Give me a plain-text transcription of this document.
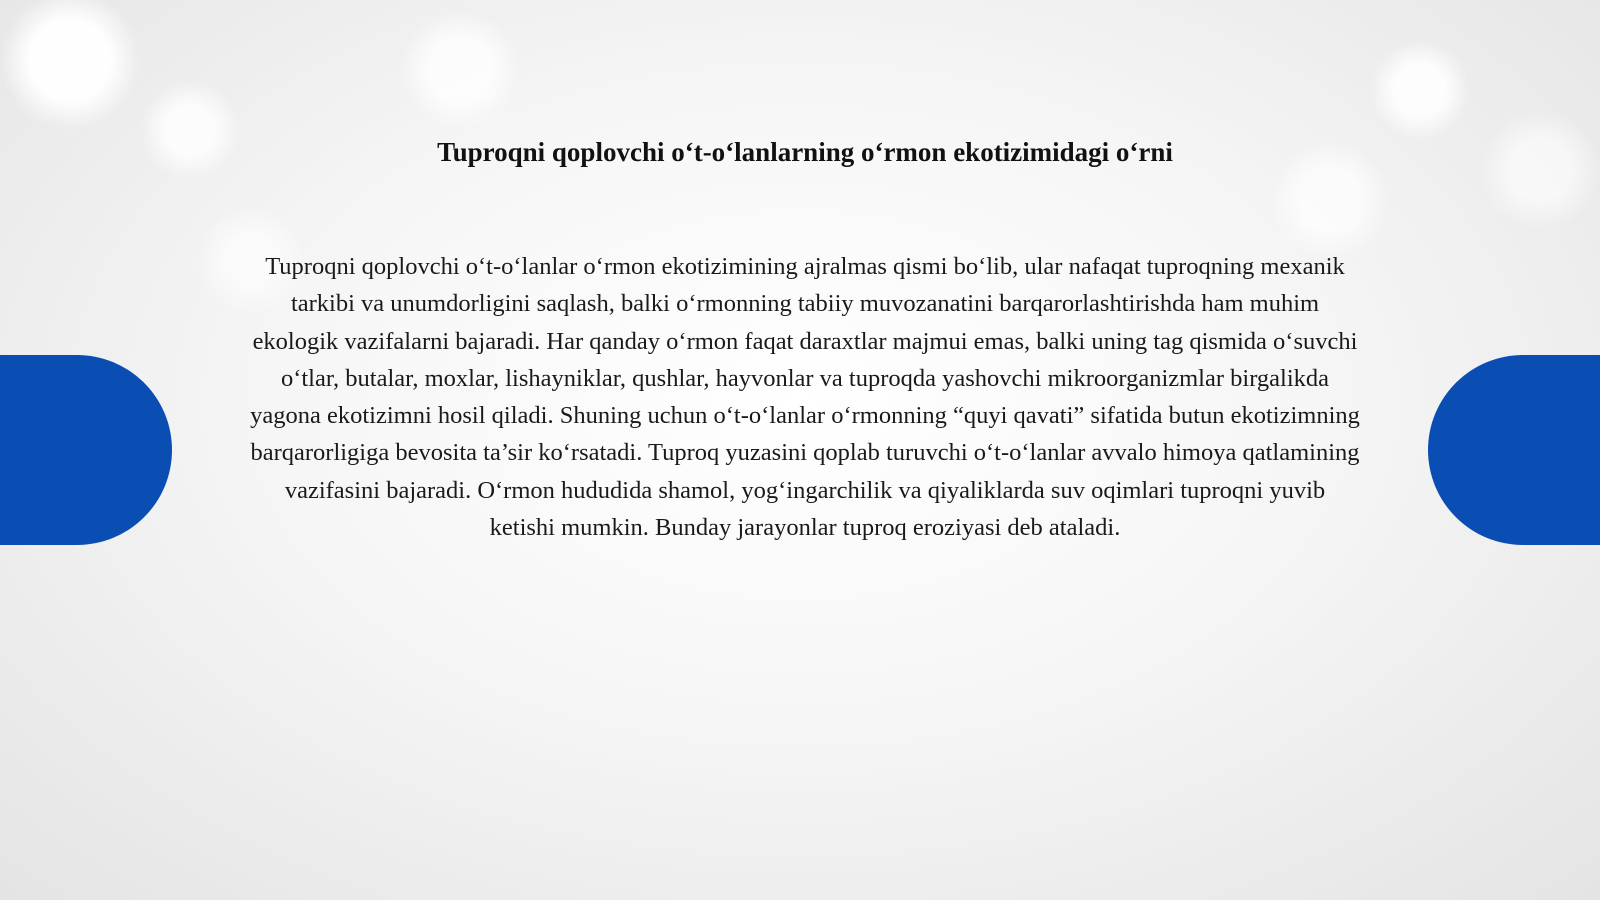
Tuproqni qoplovchi o‘t-o‘lanlarning o‘rmon ekotizimidagi o‘rni

Tuproqni qoplovchi o‘t-o‘lanlar o‘rmon ekotizimining ajralmas qismi bo‘lib, ular nafaqat tuproqning mexanik tarkibi va unumdorligini saqlash, balki o‘rmonning tabiiy muvozanatini barqarorlashtirishda ham muhim ekologik vazifalarni bajaradi. Har qanday o‘rmon faqat daraxtlar majmui emas, balki uning tag qismida o‘suvchi o‘tlar, butalar, moxlar, lishayniklar, qushlar, hayvonlar va tuproqda yashovchi mikroorganizmlar birgalikda yagona ekotizimni hosil qiladi. Shuning uchun o‘t-o‘lanlar o‘rmonning “quyi qavati” sifatida butun ekotizimning barqarorligiga bevosita ta’sir ko‘rsatadi. Tuproq yuzasini qoplab turuvchi o‘t-o‘lanlar avvalo himoya qatlamining vazifasini bajaradi. O‘rmon hududida shamol, yog‘ingarchilik va qiyaliklarda suv oqimlari tuproqni yuvib ketishi mumkin. Bunday jarayonlar tuproq eroziyasi deb ataladi.
